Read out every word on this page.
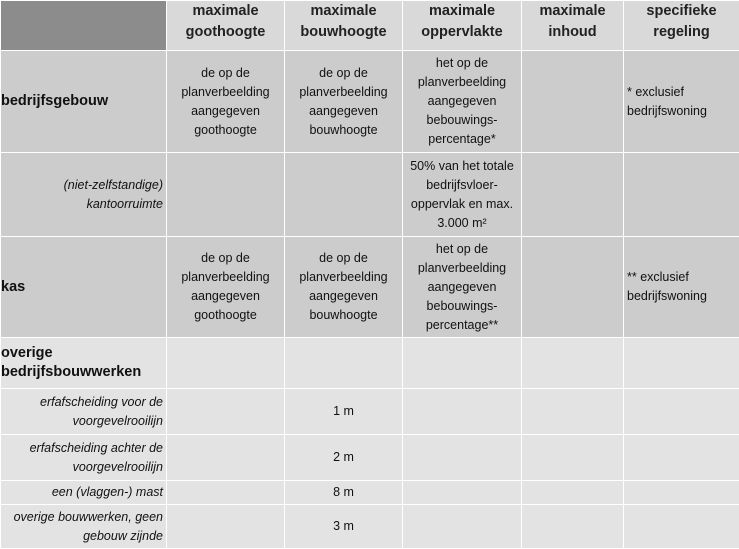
	maximale goothoogte	maximale bouwhoogte	maximale oppervlakte	maximale inhoud	specifieke regeling
bedrijfsgebouw	de op de planverbeelding aangegeven goothoogte	de op de planverbeelding aangegeven bouwhoogte	het op de planverbeelding aangegeven bebouwings-percentage*		* exclusief bedrijfswoning
(niet-zelfstandige) kantoorruimte			50% van het totale bedrijfsvloer-oppervlak en max. 3.000 m²		
kas	de op de planverbeelding aangegeven goothoogte	de op de planverbeelding aangegeven bouwhoogte	het op de planverbeelding aangegeven bebouwings-percentage**		** exclusief bedrijfswoning
overige bedrijfsbouwwerken					
erfafscheiding voor de voorgevelrooilijn		1 m			
erfafscheiding achter de voorgevelrooilijn		2 m			
een (vlaggen-) mast		8 m			
overige bouwwerken, geen gebouw zijnde		3 m			
